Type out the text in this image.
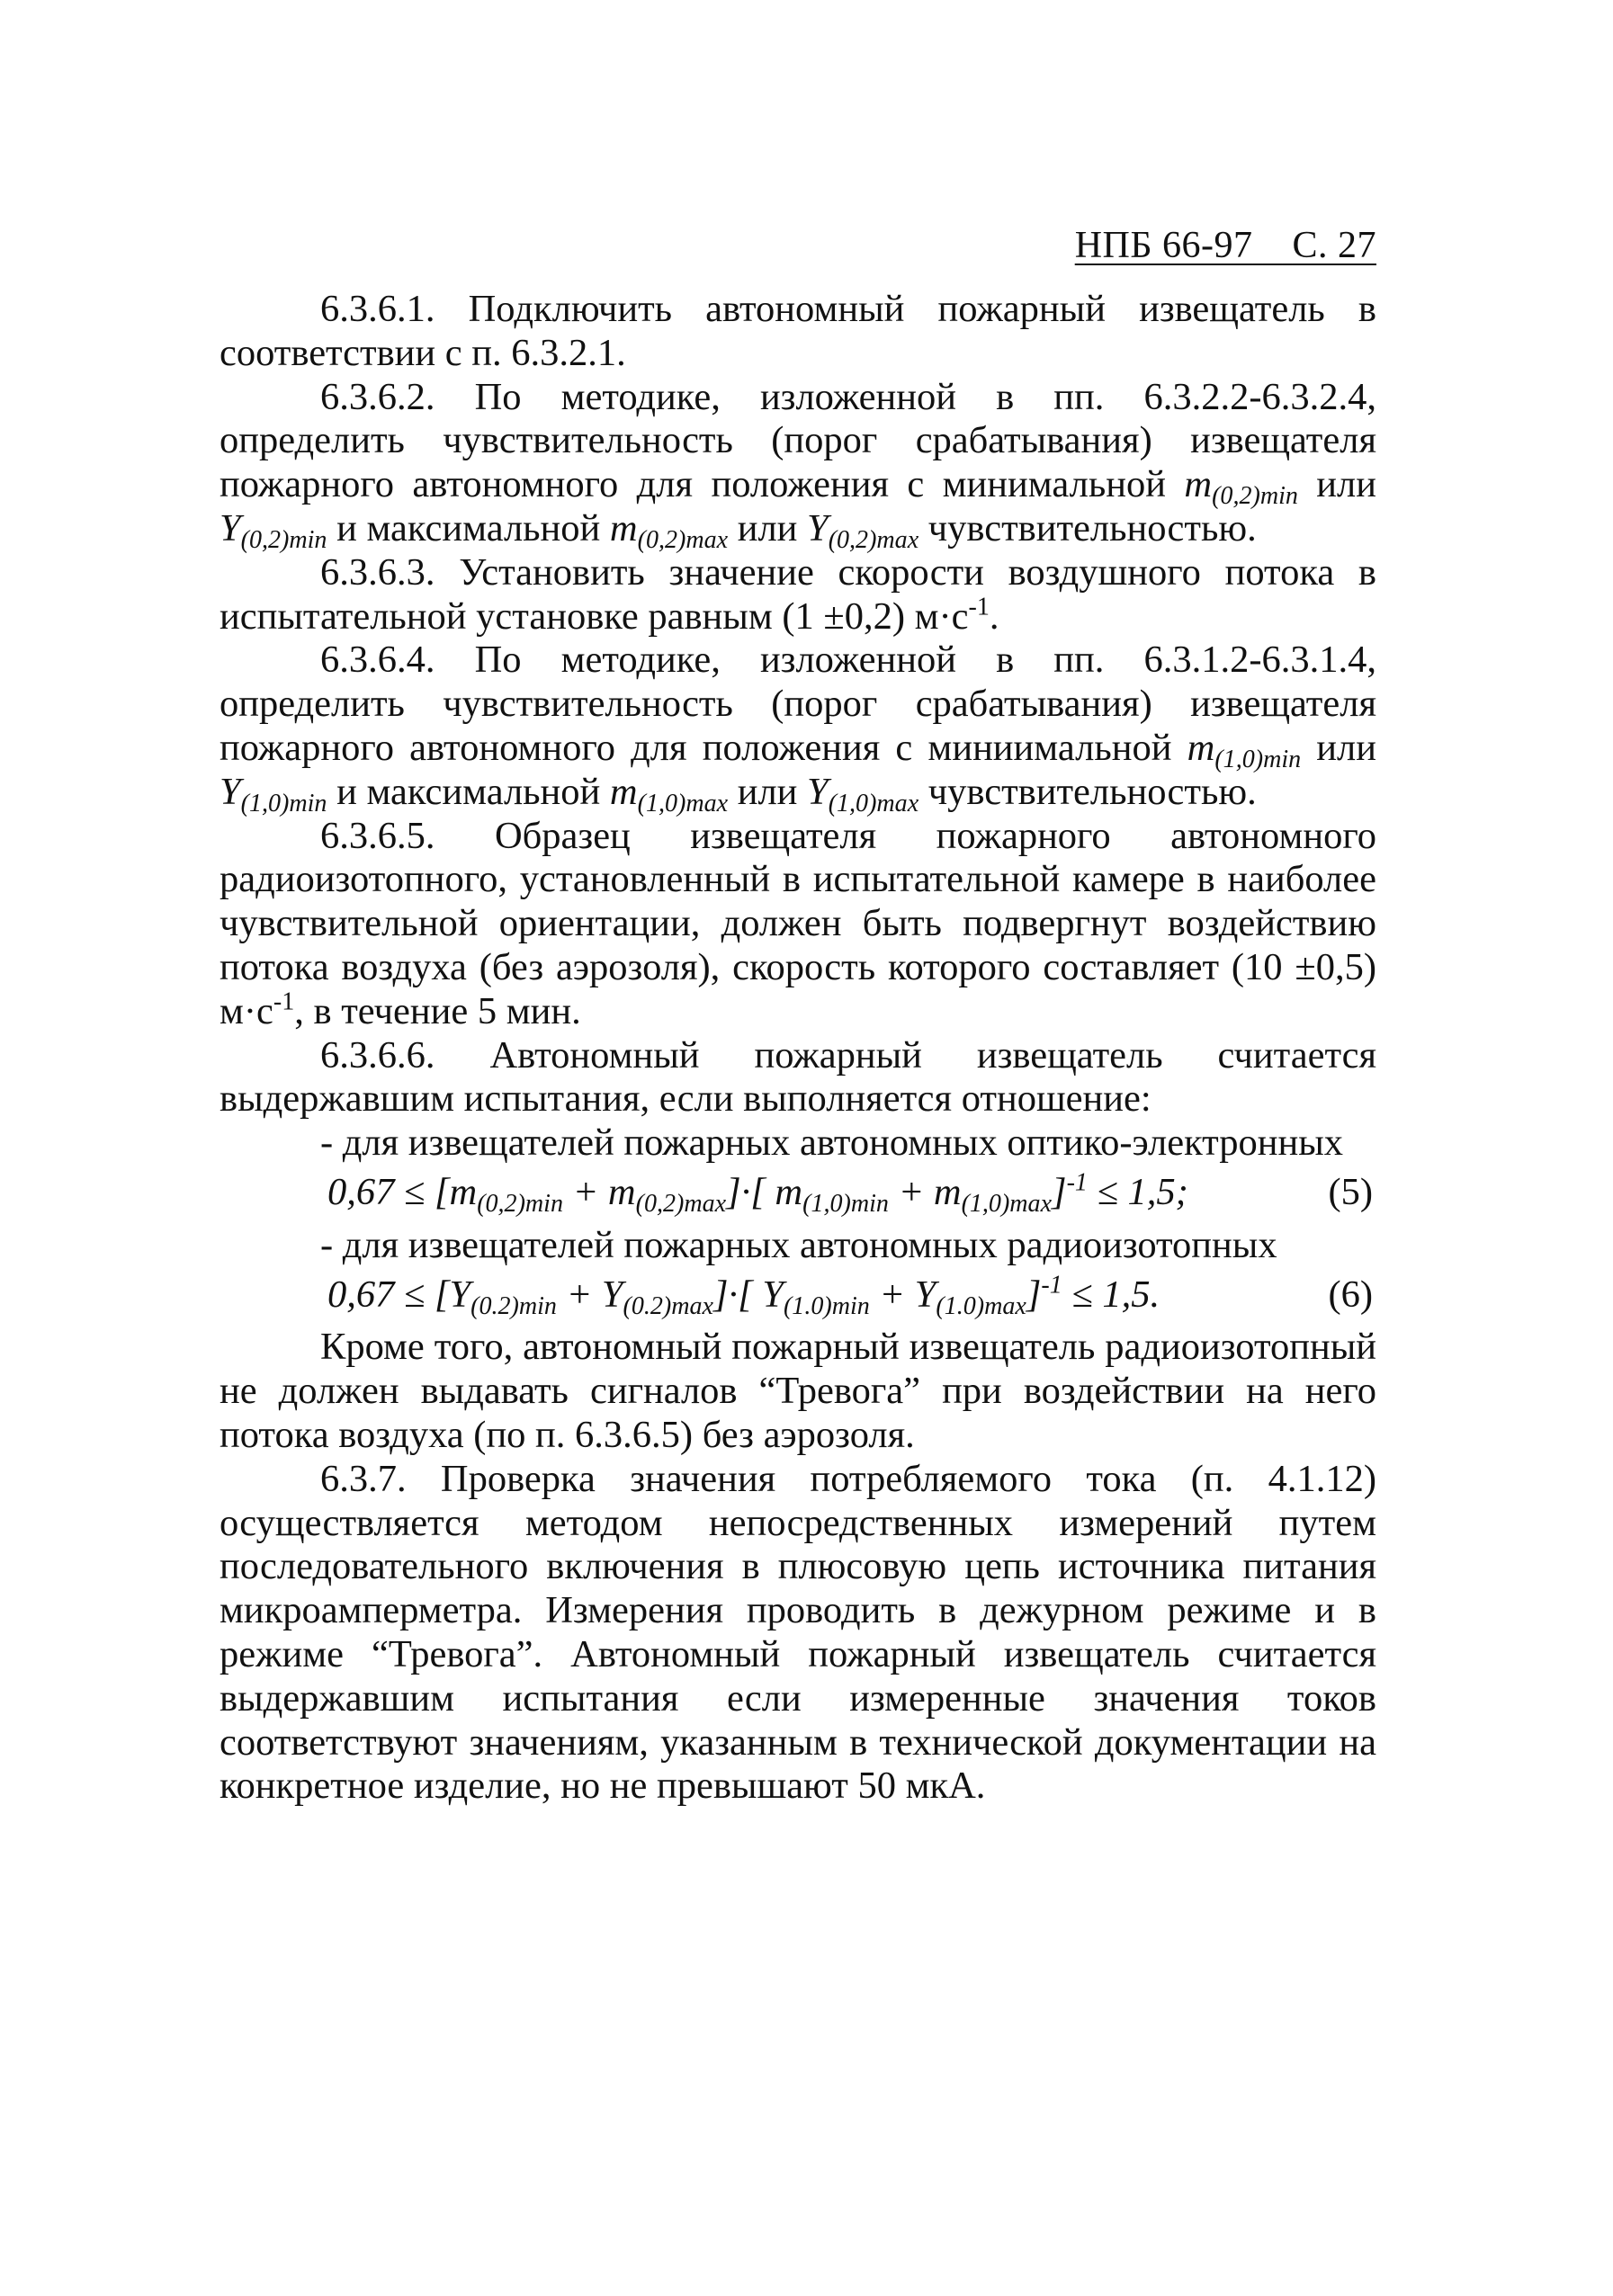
НПБ 66-97 С. 27

6.3.6.1. Подключить автономный пожарный извещатель в соответствии с п. 6.3.2.1.

6.3.6.2. По методике, изложенной в пп. 6.3.2.2-6.3.2.4, определить чувствительность (порог срабатывания) извещателя пожарного автономного для положения с минимальной $m_{(0,2)min}$ или $Y_{(0,2)min}$ и максимальной $m_{(0,2)max}$ или $Y_{(0,2)max}$ чувствительностью.

6.3.6.3. Установить значение скорости воздушного потока в испытательной установке равным (1 ±0,2) $м\cdot с^{-1}$.

6.3.6.4. По методике, изложенной в пп. 6.3.1.2-6.3.1.4, определить чувствительность (порог срабатывания) извещателя пожарного автономного для положения с миниимальной $m_{(1,0)min}$ или $Y_{(1,0)min}$ и максимальной $m_{(1,0)max}$ или $Y_{(1,0)max}$ чувствительностью.

6.3.6.5. Образец извещателя пожарного автономного радиоизотопного, установленный в испытательной камере в наиболее чувствительной ориентации, должен быть подвергнут воздействию потока воздуха (без аэрозоля), скорость которого составляет (10 ±0,5) $м\cdot с^{-1}$, в течение 5 мин.

6.3.6.6. Автономный пожарный извещатель считается выдержавшим испытания, если выполняется отношение:

- для извещателей пожарных автономных оптико-электронных

$0,67 \le [m_{(0,2)min} + m_{(0,2)max}]\cdot$[ $m_{(1,0)min} + m_{(1,0)max}]^{-1} \le 1,5$;	(5)

- для извещателей пожарных автономных радиоизотопных

$0,67 \le [Y_{(0.2)min} + Y_{(0.2)max}]\cdot$[ $Y_{(1.0)min} + Y_{(1.0)max}]^{-1} \le 1,5$.	(6)

Кроме того, автономный пожарный извещатель радиоизотопный не должен выдавать сигналов “Тревога” при воздействии на него потока воздуха (по п. 6.3.6.5) без аэрозоля.

6.3.7. Проверка значения потребляемого тока (п. 4.1.12) осуществляется методом непосредственных измерений путем последовательного включения в плюсовую цепь источника питания микроамперметра. Измерения проводить в дежурном режиме и в режиме “Тревога”. Автономный пожарный извещатель считается выдержавшим испытания если измеренные значения токов соответствуют значениям, указанным в технической документации на конкретное изделие, но не превышают 50 мкА.
